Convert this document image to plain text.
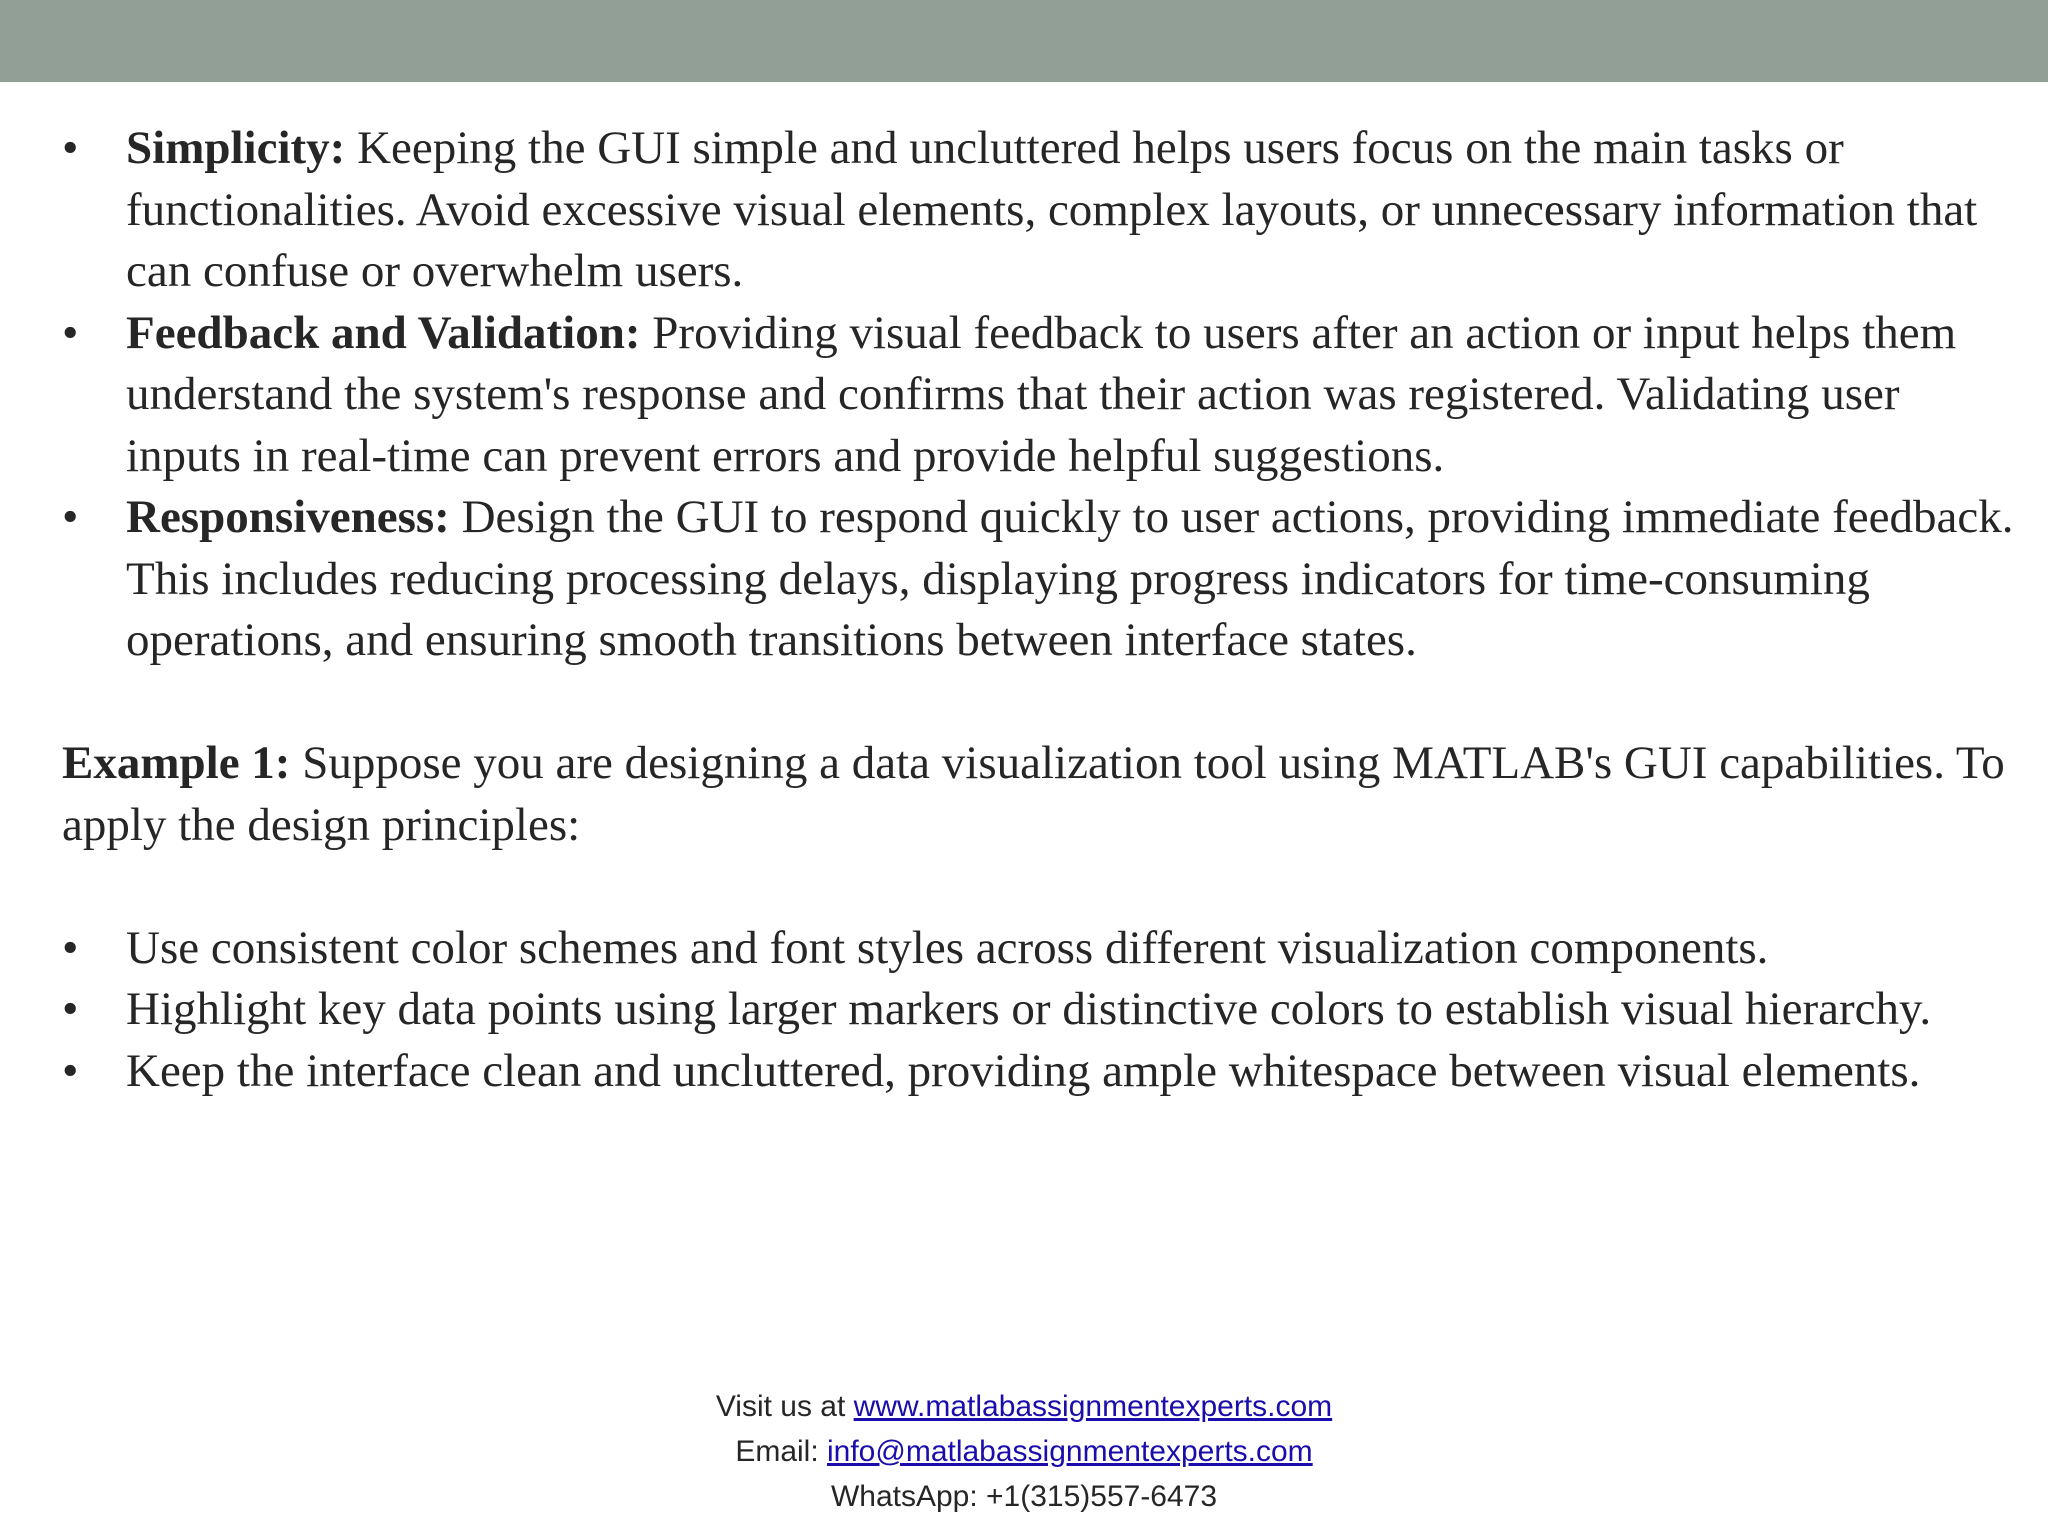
• Simplicity: Keeping the GUI simple and uncluttered helps users focus on the main tasks or functionalities. Avoid excessive visual elements, complex layouts, or unnecessary information that can confuse or overwhelm users.
• Feedback and Validation: Providing visual feedback to users after an action or input helps them understand the system's response and confirms that their action was registered. Validating user inputs in real-time can prevent errors and provide helpful suggestions.
• Responsiveness: Design the GUI to respond quickly to user actions, providing immediate feedback. This includes reducing processing delays, displaying progress indicators for time-consuming operations, and ensuring smooth transitions between interface states.

Example 1: Suppose you are designing a data visualization tool using MATLAB's GUI capabilities. To apply the design principles:

• Use consistent color schemes and font styles across different visualization components.
• Highlight key data points using larger markers or distinctive colors to establish visual hierarchy.
• Keep the interface clean and uncluttered, providing ample whitespace between visual elements.
Visit us at www.matlabassignmentexperts.com
Email: info@matlabassignmentexperts.com
WhatsApp: +1(315)557-6473
